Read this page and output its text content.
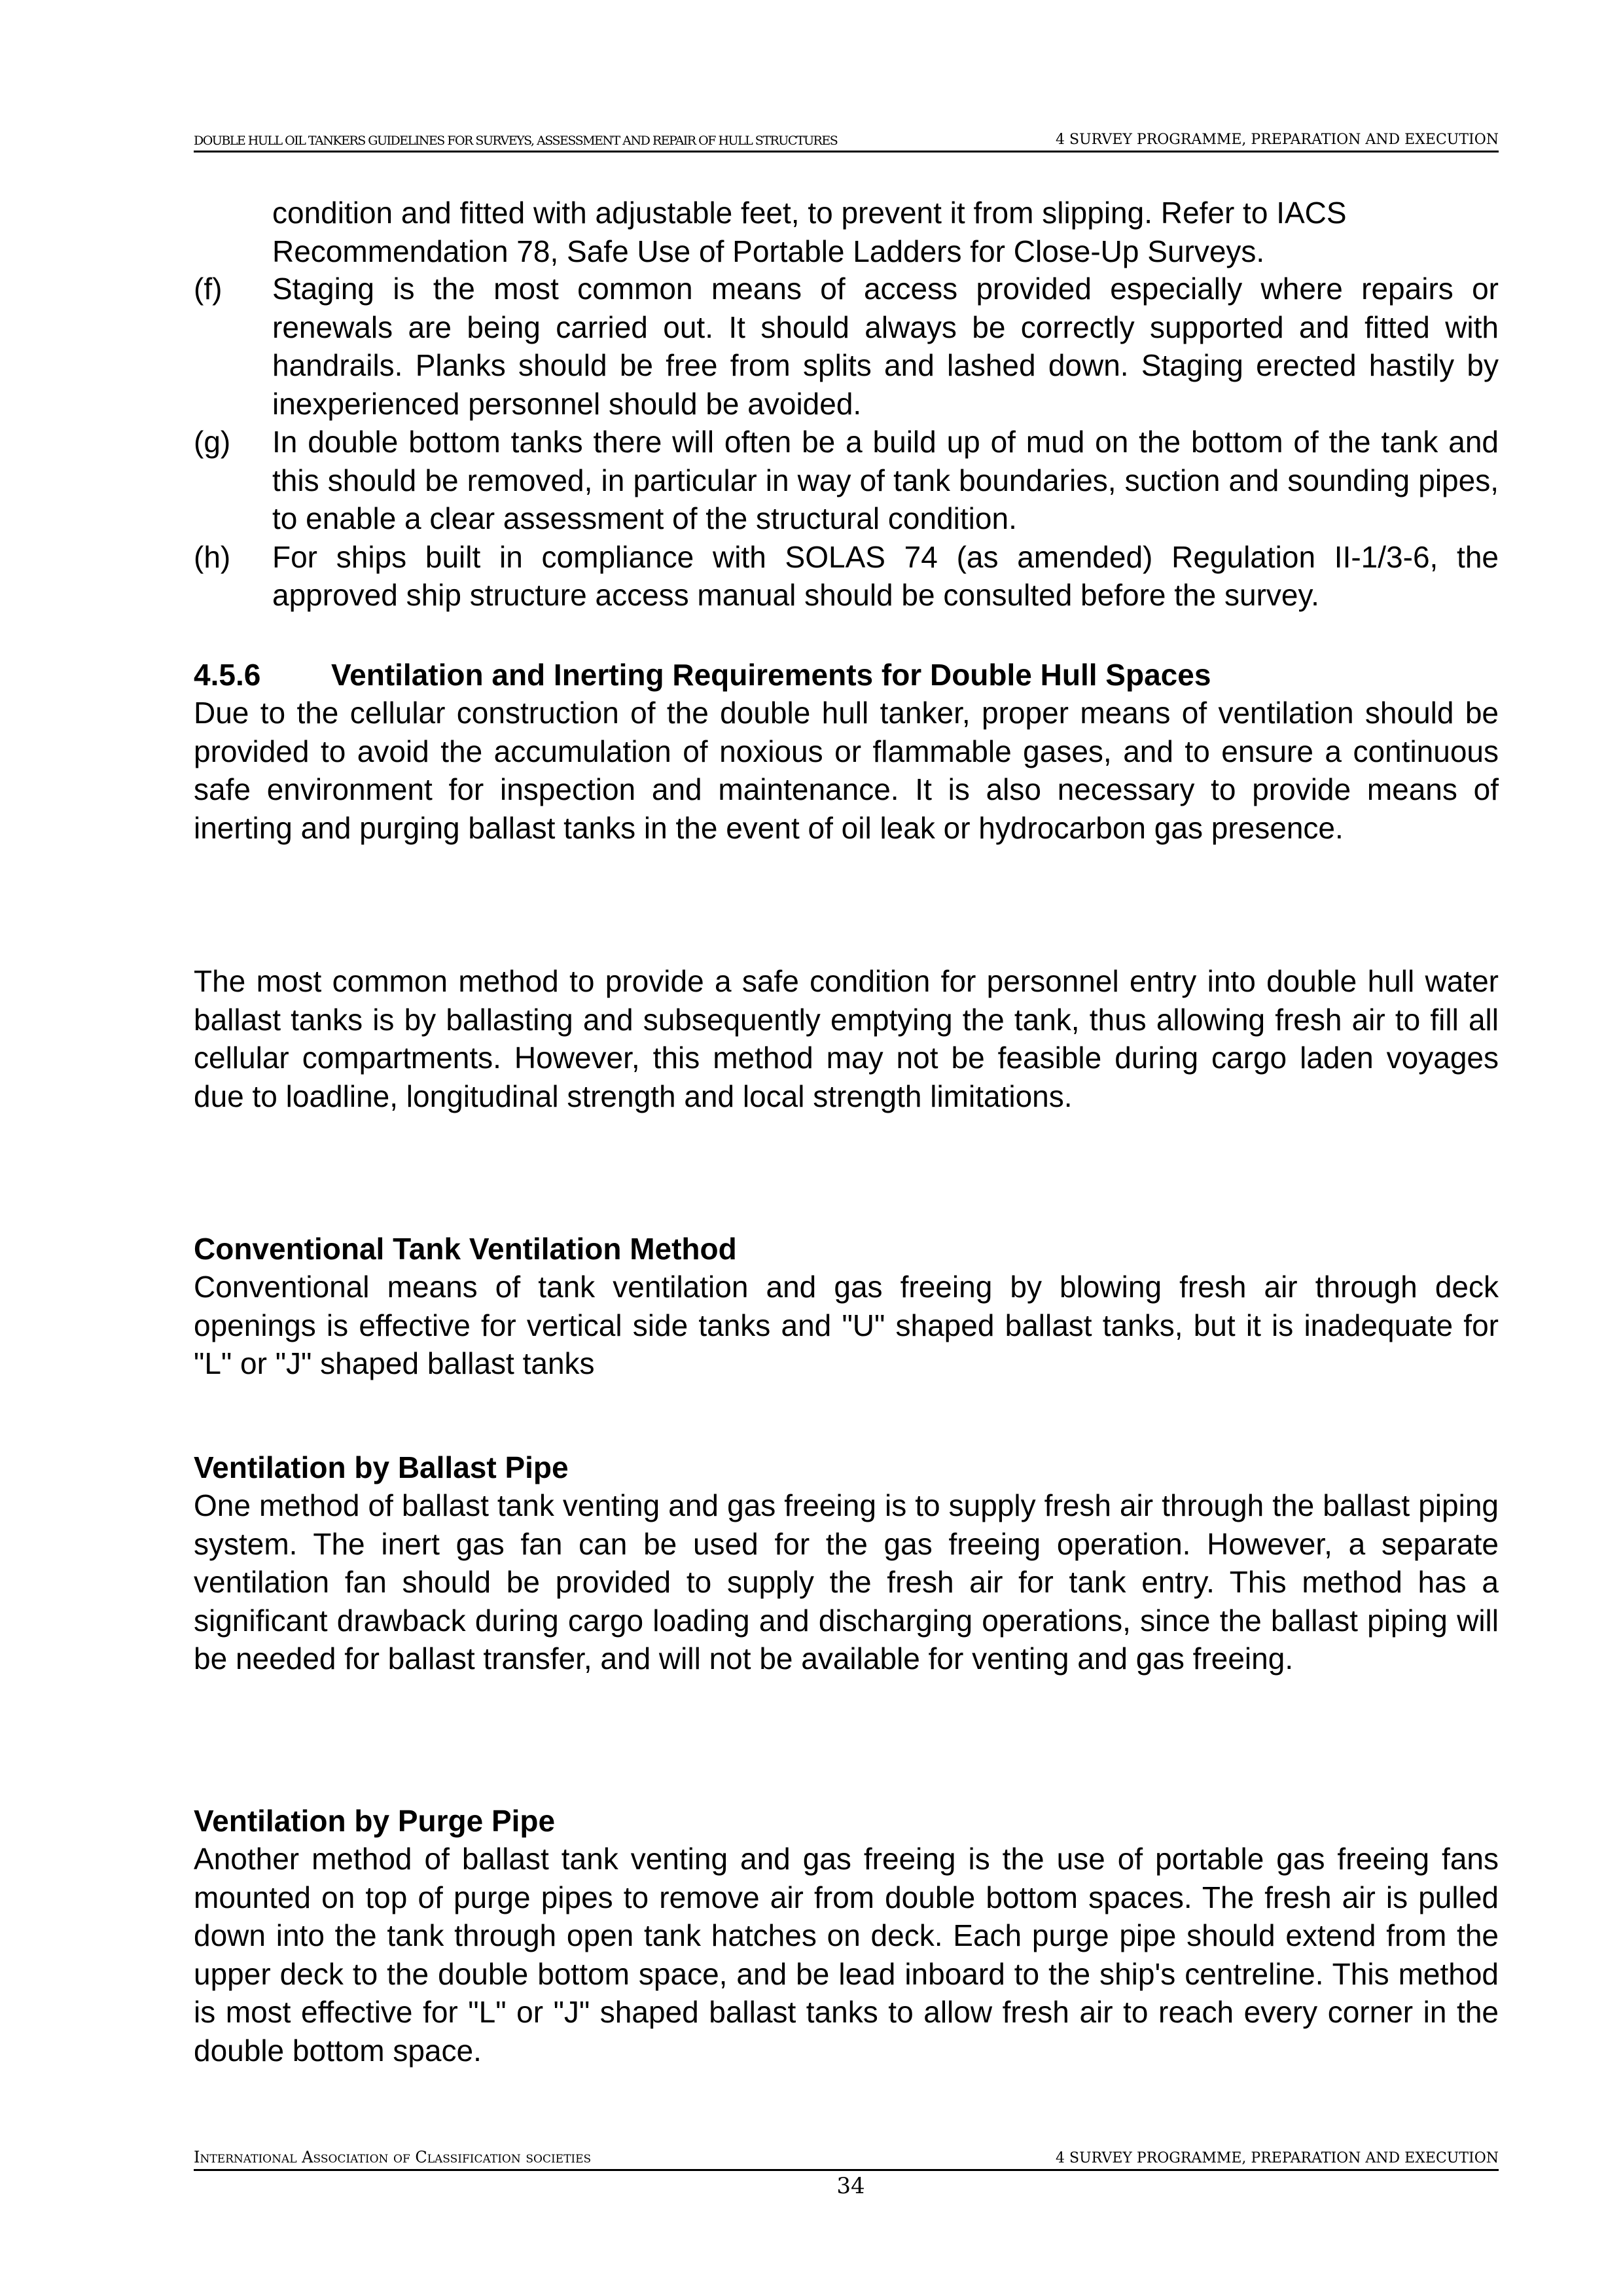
DOUBLE HULL OIL TANKERS GUIDELINES FOR SURVEYS, ASSESSMENT AND REPAIR OF HULL STRUCTURES	4 SURVEY PROGRAMME, PREPARATION AND EXECUTION

condition and fitted with adjustable feet, to prevent it from slipping. Refer to IACS Recommendation 78, Safe Use of Portable Ladders for Close-Up Surveys.

(f)	Staging is the most common means of access provided especially where repairs or renewals are being carried out. It should always be correctly supported and fitted with handrails. Planks should be free from splits and lashed down. Staging erected hastily by inexperienced personnel should be avoided.

(g)	In double bottom tanks there will often be a build up of mud on the bottom of the tank and this should be removed, in particular in way of tank boundaries, suction and sounding pipes, to enable a clear assessment of the structural condition.

(h)	For ships built in compliance with SOLAS 74 (as amended) Regulation II-1/3-6, the approved ship structure access manual should be consulted before the survey.

4.5.6 Ventilation and Inerting Requirements for Double Hull Spaces

Due to the cellular construction of the double hull tanker, proper means of ventilation should be provided to avoid the accumulation of noxious or flammable gases, and to ensure a continuous safe environment for inspection and maintenance. It is also necessary to provide means of inerting and purging ballast tanks in the event of oil leak or hydrocarbon gas presence.

The most common method to provide a safe condition for personnel entry into double hull water ballast tanks is by ballasting and subsequently emptying the tank, thus allowing fresh air to fill all cellular compartments. However, this method may not be feasible during cargo laden voyages due to loadline, longitudinal strength and local strength limitations.

Conventional Tank Ventilation Method

Conventional means of tank ventilation and gas freeing by blowing fresh air through deck openings is effective for vertical side tanks and "U" shaped ballast tanks, but it is inadequate for "L" or "J" shaped ballast tanks

Ventilation by Ballast Pipe

One method of ballast tank venting and gas freeing is to supply fresh air through the ballast piping system. The inert gas fan can be used for the gas freeing operation. However, a separate ventilation fan should be provided to supply the fresh air for tank entry. This method has a significant drawback during cargo loading and discharging operations, since the ballast piping will be needed for ballast transfer, and will not be available for venting and gas freeing.

Ventilation by Purge Pipe

Another method of ballast tank venting and gas freeing is the use of portable gas freeing fans mounted on top of purge pipes to remove air from double bottom spaces. The fresh air is pulled down into the tank through open tank hatches on deck. Each purge pipe should extend from the upper deck to the double bottom space, and be lead inboard to the ship's centreline. This method is most effective for "L" or "J" shaped ballast tanks to allow fresh air to reach every corner in the double bottom space.

International Association of Classification societies	4 SURVEY PROGRAMME, PREPARATION AND EXECUTION
34
